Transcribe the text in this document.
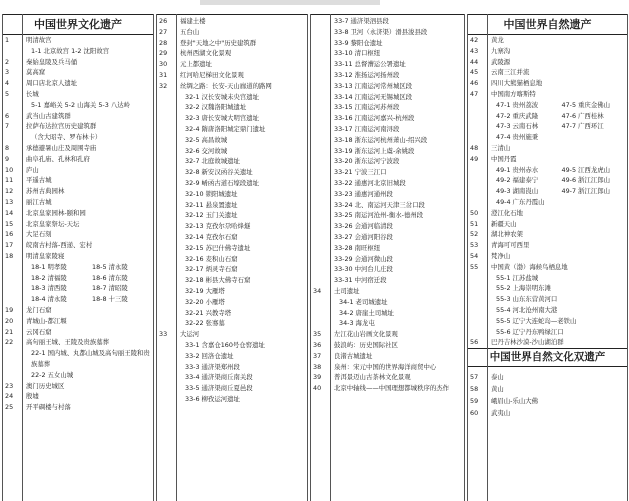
中国世界文化遗产
1	明清故宫
1-1 北京故宫 1-2 沈阳故宫
2	秦始皇陵及兵马俑
3	莫高窟
4	周口店北京人遗址
5	长城
5-1 嘉峪关 5-2 山海关 5-3 八达岭
6	武当山古建筑群
7	拉萨布达拉宫历史建筑群
（含大昭寺、罗布林卡）
8	承德避暑山庄及周围寺庙
9	曲阜孔庙、孔林和孔府
10	庐山
11	平遥古城
12	苏州古典园林
13	丽江古城
14	北京皇家园林-颐和园
15	北京皇家祭坛-天坛
16	大足石刻
17	皖南古村落-西递、宏村
18	明清皇家陵寝
18-1 明孝陵	18-5 清永陵
18-2 清福陵	18-6 清东陵
18-3 清西陵	18-7 清昭陵
18-4 清永陵	18-8 十三陵
19	龙门石窟
20	青城山-都江堰
21	云冈石窟
22	高句丽王城、王陵及贵族墓葬
22-1 国内城、丸都山城及高句丽王陵和贵族墓葬
22-2 五女山城
23	澳门历史城区
24	殷墟
25	开平碉楼与村落
26	福建土楼
27	五台山
28	登封"天地之中"历史建筑群
29	杭州西湖文化景观
30	元上都遗址
31	红河哈尼梯田文化景观
32	丝绸之路：长安-天山廊道的路网
32-1 汉长安城未央宫遗址
32-2 汉魏洛阳城遗址
32-3 唐长安城大明宫遗址
32-4 隋唐洛阳城定鼎门遗址
32-5 高昌故城
32-6 交河故城
32-7 北庭故城遗址
32-8 新安汉函谷关遗址
32-9 崤函古道石壕段遗址
32-10 锁阳城遗址
32-11 悬泉置遗址
32-12 玉门关遗址
32-13 克孜尔尕哈烽燧
32-14 克孜尔石窟
32-15 苏巴什佛寺遗址
32-16 麦积山石窟
32-17 炳灵寺石窟
32-18 彬县大佛寺石窟
32-19 大雁塔
32-20 小雁塔
32-21 兴教寺塔
32-22 张骞墓
33	大运河
33-1 含嘉仓160号仓窖遗址
33-2 回洛仓遗址
33-3 通济渠郑州段
33-4 通济渠商丘南关段
33-5 通济渠商丘夏邑段
33-6 柳孜运河遗址
33-7 通济渠泗县段
33-8 卫河（永济渠）滑县浚县段
33-9 黎阳仓遗址
33-10 清口枢纽
33-11 总督漕运公署遗址
33-12 淮扬运河扬州段
33-13 江南运河常州城区段
33-14 江南运河无锡城区段
33-15 江南运河苏州段
33-16 江南运河嘉兴-杭州段
33-17 江南运河南浔段
33-18 浙东运河杭州萧山-绍兴段
33-19 浙东运河上虞-余姚段
33-20 浙东运河宁波段
33-21 宁波三江口
33-22 通惠河北京旧城段
33-23 通惠河通州段
33-24 北、南运河天津三岔口段
33-25 南运河沧州-衡水-德州段
33-26 会通河临清段
33-27 会通河阳谷段
33-28 南旺枢纽
33-29 会通河微山段
33-30 中河台儿庄段
33-31 中河宿迁段
34	土司遗址
34-1 老司城遗址
34-2 唐崖土司城址
34-3 海龙屯
35	左江花山岩画文化景观
36	鼓浪屿：历史国际社区
37	良渚古城遗址
38	泉州：宋元中国的世界海洋商贸中心
39	普洱景迈山古茶林文化景观
40	北京中轴线——中国理想都城秩序的杰作
中国世界自然遗产
42	黄龙
43	九寨沟
44	武陵源
45	云南三江并流
46	四川大熊猫栖息地
47	中国南方喀斯特
47-1 贵州荔波	47-5 重庆金佛山
47-2 重庆武隆	47-6 广西桂林
47-3 云南石林	47-7 广西环江
47-4 贵州施秉
48	三清山
49	中国丹霞
49-1 贵州赤水	49-5 江西龙虎山
49-2 福建泰宁	49-6 浙江江郎山
49-3 湖南崀山	49-7 浙江江郎山
49-4 广东丹霞山
50	澄江化石地
51	新疆天山
52	湖北神农架
53	青海可可西里
54	梵净山
55	中国黄（渤）海候鸟栖息地
55-1 江苏盐城
55-2 上海崇明东滩
55-3 山东东营黄河口
55-4 河北沧州南大港
55-5 辽宁大连蛇岛—老铁山
55-6 辽宁丹东鸭绿江口
56	巴丹吉林沙漠-沙山湖泊群
中国世界自然文化双遗产
57	泰山
58	黄山
59	峨眉山-乐山大佛
60	武夷山
